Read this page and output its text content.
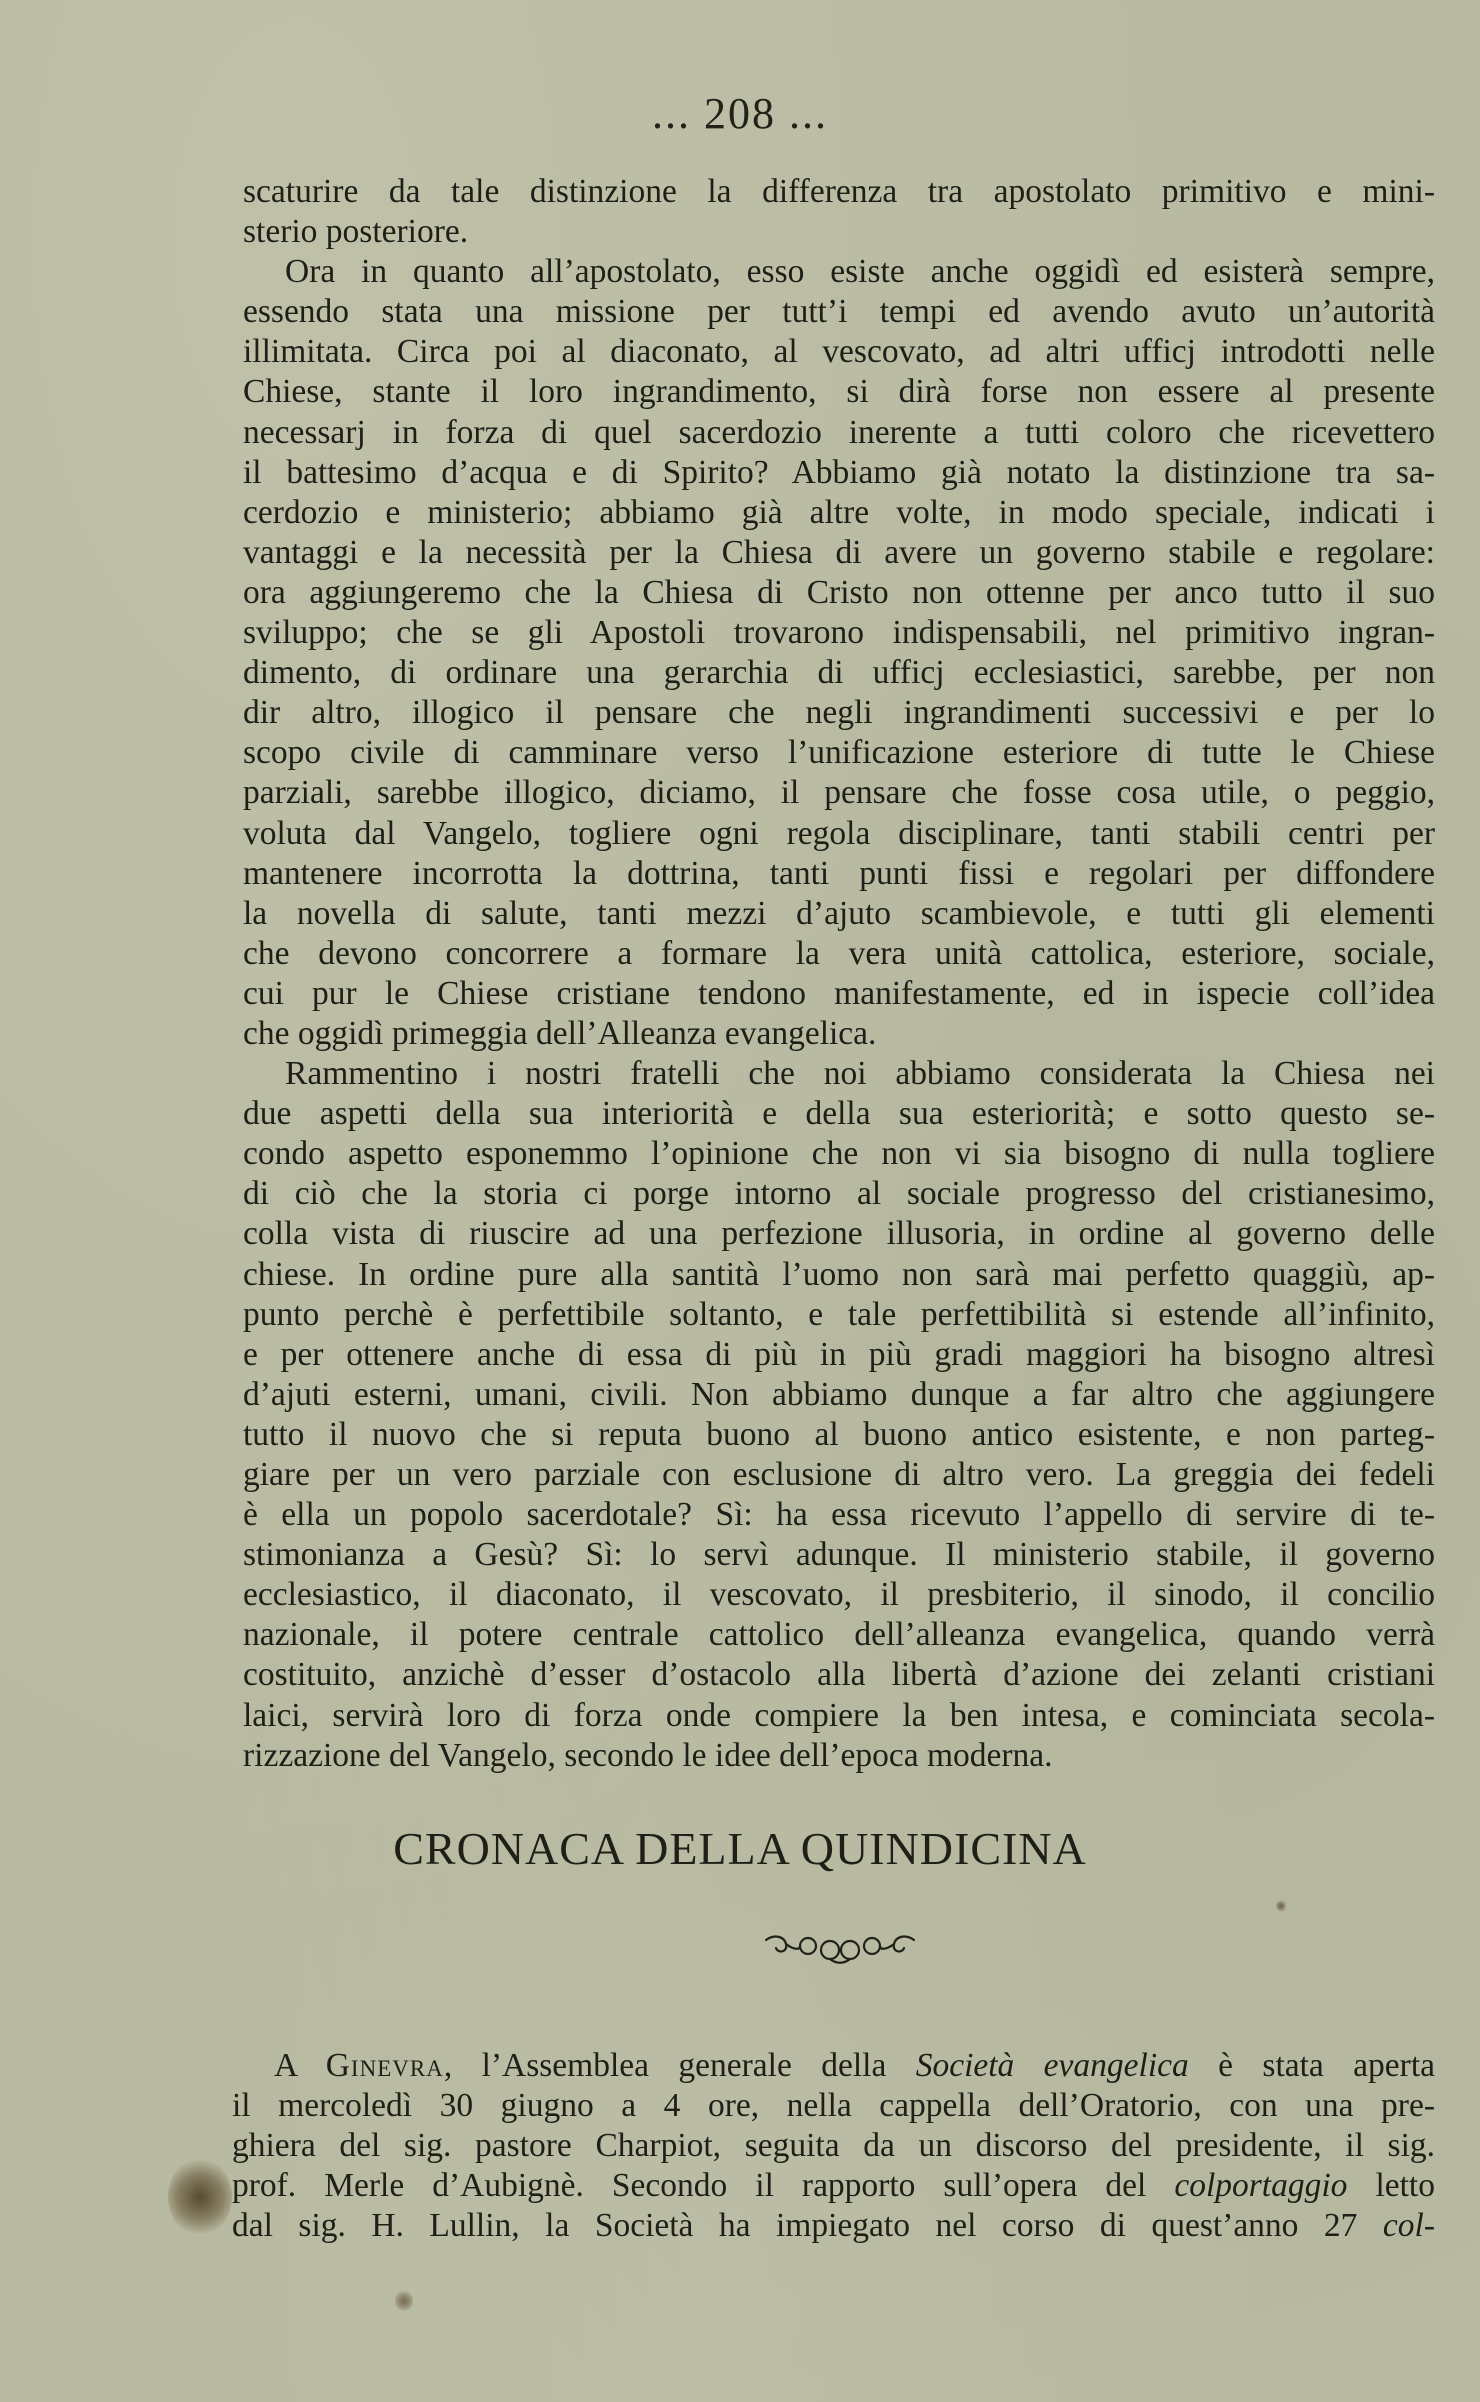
... 208 ...
scaturire da tale distinzione la differenza tra apostolato primitivo e mini-
sterio posteriore.
Ora in quanto all’apostolato, esso esiste anche oggidì ed esisterà sempre,
essendo stata una missione per tutt’i tempi ed avendo avuto un’autorità
illimitata. Circa poi al diaconato, al vescovato, ad altri ufficj introdotti nelle
Chiese, stante il loro ingrandimento, si dirà forse non essere al presente
necessarj in forza di quel sacerdozio inerente a tutti coloro che ricevettero
il battesimo d’acqua e di Spirito? Abbiamo già notato la distinzione tra sa-
cerdozio e ministerio; abbiamo già altre volte, in modo speciale, indicati i
vantaggi e la necessità per la Chiesa di avere un governo stabile e regolare:
ora aggiungeremo che la Chiesa di Cristo non ottenne per anco tutto il suo
sviluppo; che se gli Apostoli trovarono indispensabili, nel primitivo ingran-
dimento, di ordinare una gerarchia di ufficj ecclesiastici, sarebbe, per non
dir altro, illogico il pensare che negli ingrandimenti successivi e per lo
scopo civile di camminare verso l’unificazione esteriore di tutte le Chiese
parziali, sarebbe illogico, diciamo, il pensare che fosse cosa utile, o peggio,
voluta dal Vangelo, togliere ogni regola disciplinare, tanti stabili centri per
mantenere incorrotta la dottrina, tanti punti fissi e regolari per diffondere
la novella di salute, tanti mezzi d’ajuto scambievole, e tutti gli elementi
che devono concorrere a formare la vera unità cattolica, esteriore, sociale,
cui pur le Chiese cristiane tendono manifestamente, ed in ispecie coll’idea
che oggidì primeggia dell’Alleanza evangelica.
Rammentino i nostri fratelli che noi abbiamo considerata la Chiesa nei
due aspetti della sua interiorità e della sua esteriorità; e sotto questo se-
condo aspetto esponemmo l’opinione che non vi sia bisogno di nulla togliere
di ciò che la storia ci porge intorno al sociale progresso del cristianesimo,
colla vista di riuscire ad una perfezione illusoria, in ordine al governo delle
chiese. In ordine pure alla santità l’uomo non sarà mai perfetto quaggiù, ap-
punto perchè è perfettibile soltanto, e tale perfettibilità si estende all’infinito,
e per ottenere anche di essa di più in più gradi maggiori ha bisogno altresì
d’ajuti esterni, umani, civili. Non abbiamo dunque a far altro che aggiungere
tutto il nuovo che si reputa buono al buono antico esistente, e non parteg-
giare per un vero parziale con esclusione di altro vero. La greggia dei fedeli
è ella un popolo sacerdotale? Sì: ha essa ricevuto l’appello di servire di te-
stimonianza a Gesù? Sì: lo servì adunque. Il ministerio stabile, il governo
ecclesiastico, il diaconato, il vescovato, il presbiterio, il sinodo, il concilio
nazionale, il potere centrale cattolico dell’alleanza evangelica, quando verrà
costituito, anzichè d’esser d’ostacolo alla libertà d’azione dei zelanti cristiani
laici, servirà loro di forza onde compiere la ben intesa, e cominciata secola-
rizzazione del Vangelo, secondo le idee dell’epoca moderna.
CRONACA DELLA QUINDICINA
A Ginevra, l’Assemblea generale della Società evangelica è stata aperta
il mercoledì 30 giugno a 4 ore, nella cappella dell’Oratorio, con una pre-
ghiera del sig. pastore Charpiot, seguita da un discorso del presidente, il sig.
prof. Merle d’Aubignè. Secondo il rapporto sull’opera del colportaggio letto
dal sig. H. Lullin, la Società ha impiegato nel corso di quest’anno 27 col-
